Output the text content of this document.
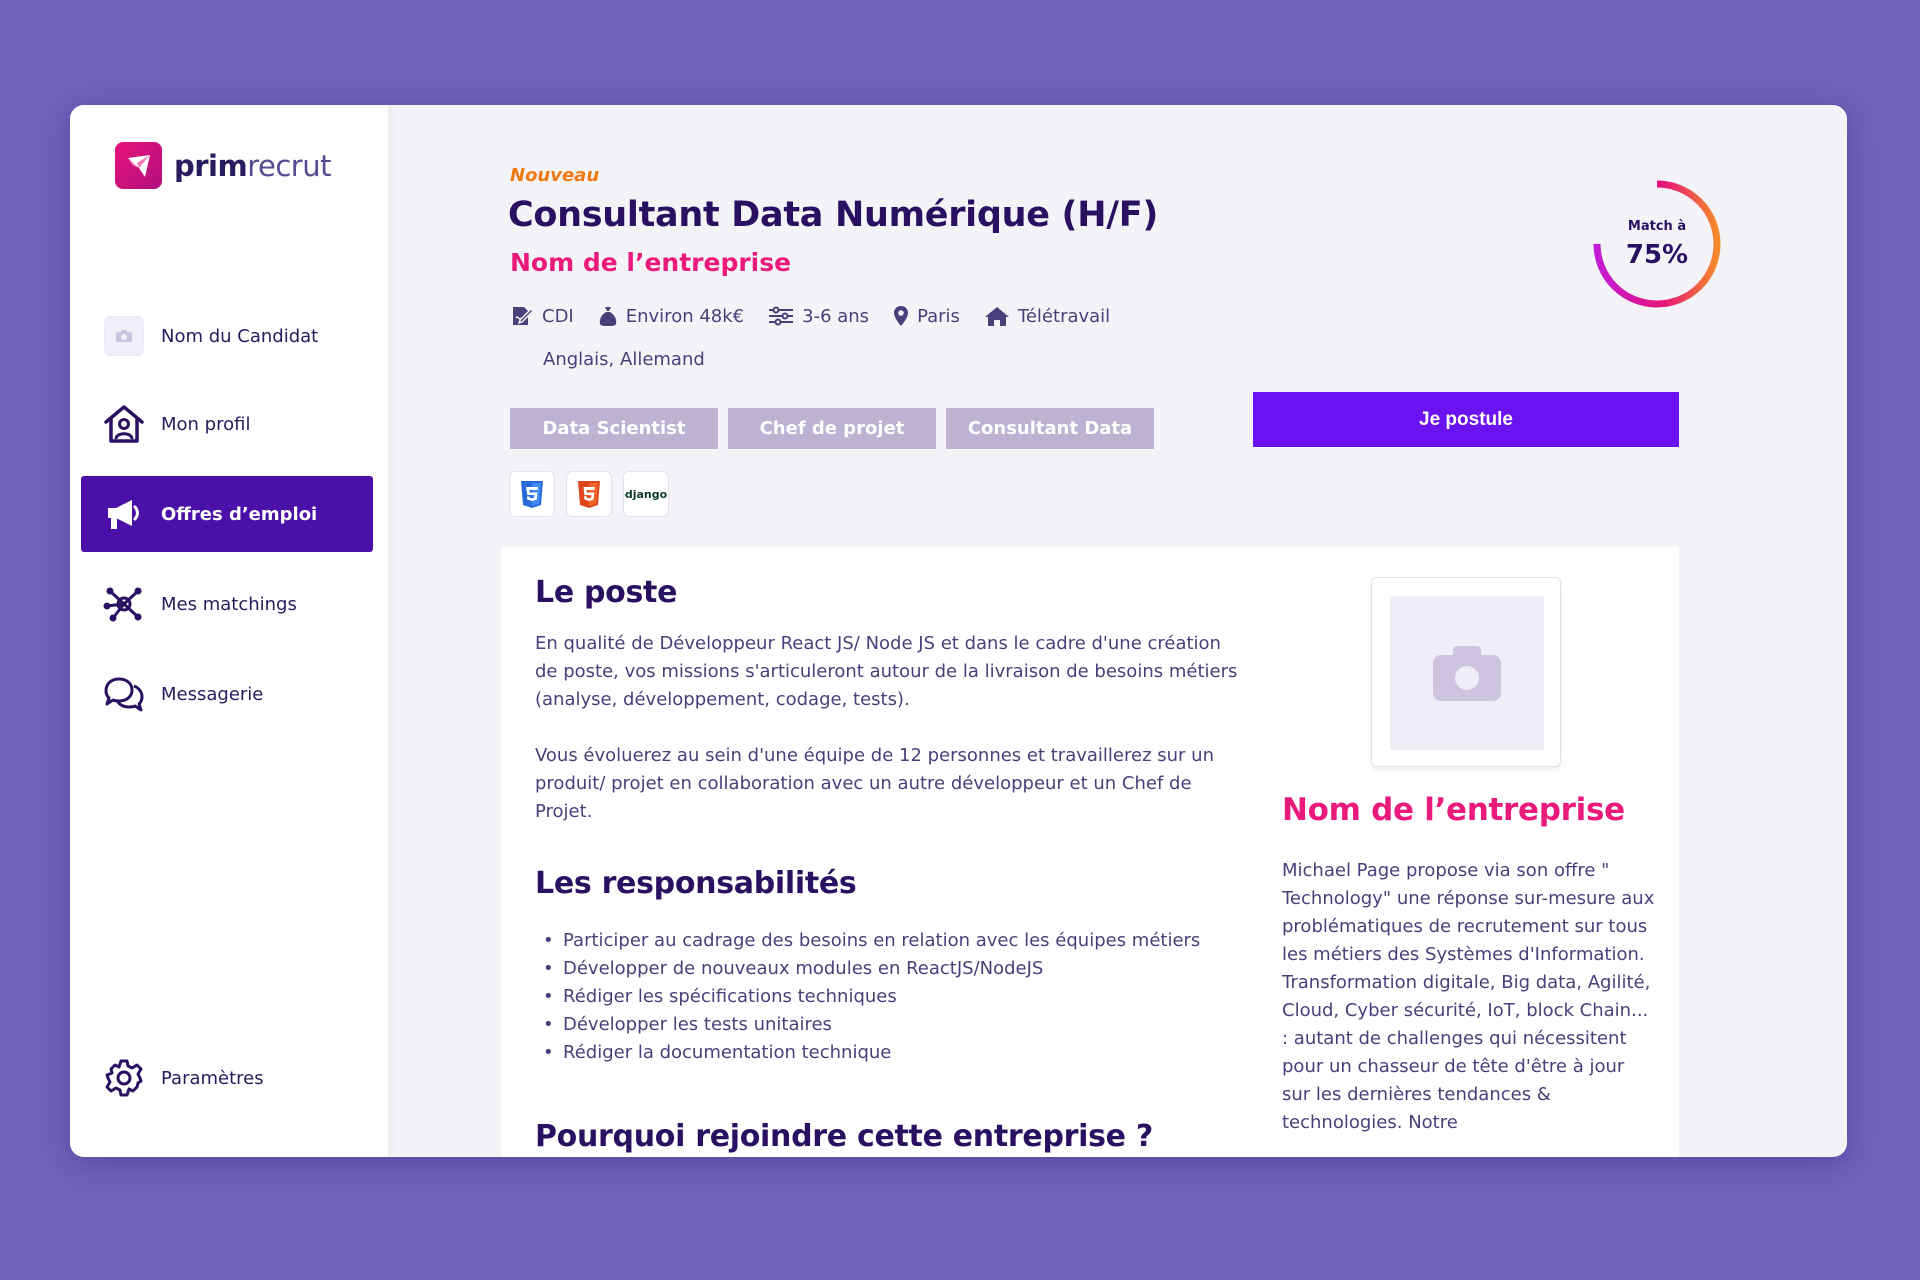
primrecrut
Nom du Candidat
Mon profil
Offres d’emploi
Mes matchings
Messagerie
Paramètres
Nouveau
Consultant Data Numérique (H/F)
Nom de l’entreprise
CDI	Environ 48k€	3-6 ans	Paris	Télétravail
Anglais, Allemand
Data Scientist	Chef de projet	Consultant Data
django
Match à
75%
Je postule
Le poste

En qualité de Développeur React JS/ Node JS et dans le cadre d'une création de poste, vos missions s'articuleront autour de la livraison de besoins métiers (analyse, développement, codage, tests).

Vous évoluerez au sein d'une équipe de 12 personnes et travaillerez sur un produit/ projet en collaboration avec un autre développeur et un Chef de Projet.

Les responsabilités
• Participer au cadrage des besoins en relation avec les équipes métiers
• Développer de nouveaux modules en ReactJS/NodeJS
• Rédiger les spécifications techniques
• Développer les tests unitaires
• Rédiger la documentation technique
Pourquoi rejoindre cette entreprise ?
Nom de l’entreprise

Michael Page propose via son offre " Technology" une réponse sur-mesure aux problématiques de recrutement sur tous les métiers des Systèmes d'Information. Transformation digitale, Big data, Agilité, Cloud, Cyber sécurité, IoT, block Chain... : autant de challenges qui nécessitent pour un chasseur de tête d'être à jour sur les dernières tendances & technologies. Notre
